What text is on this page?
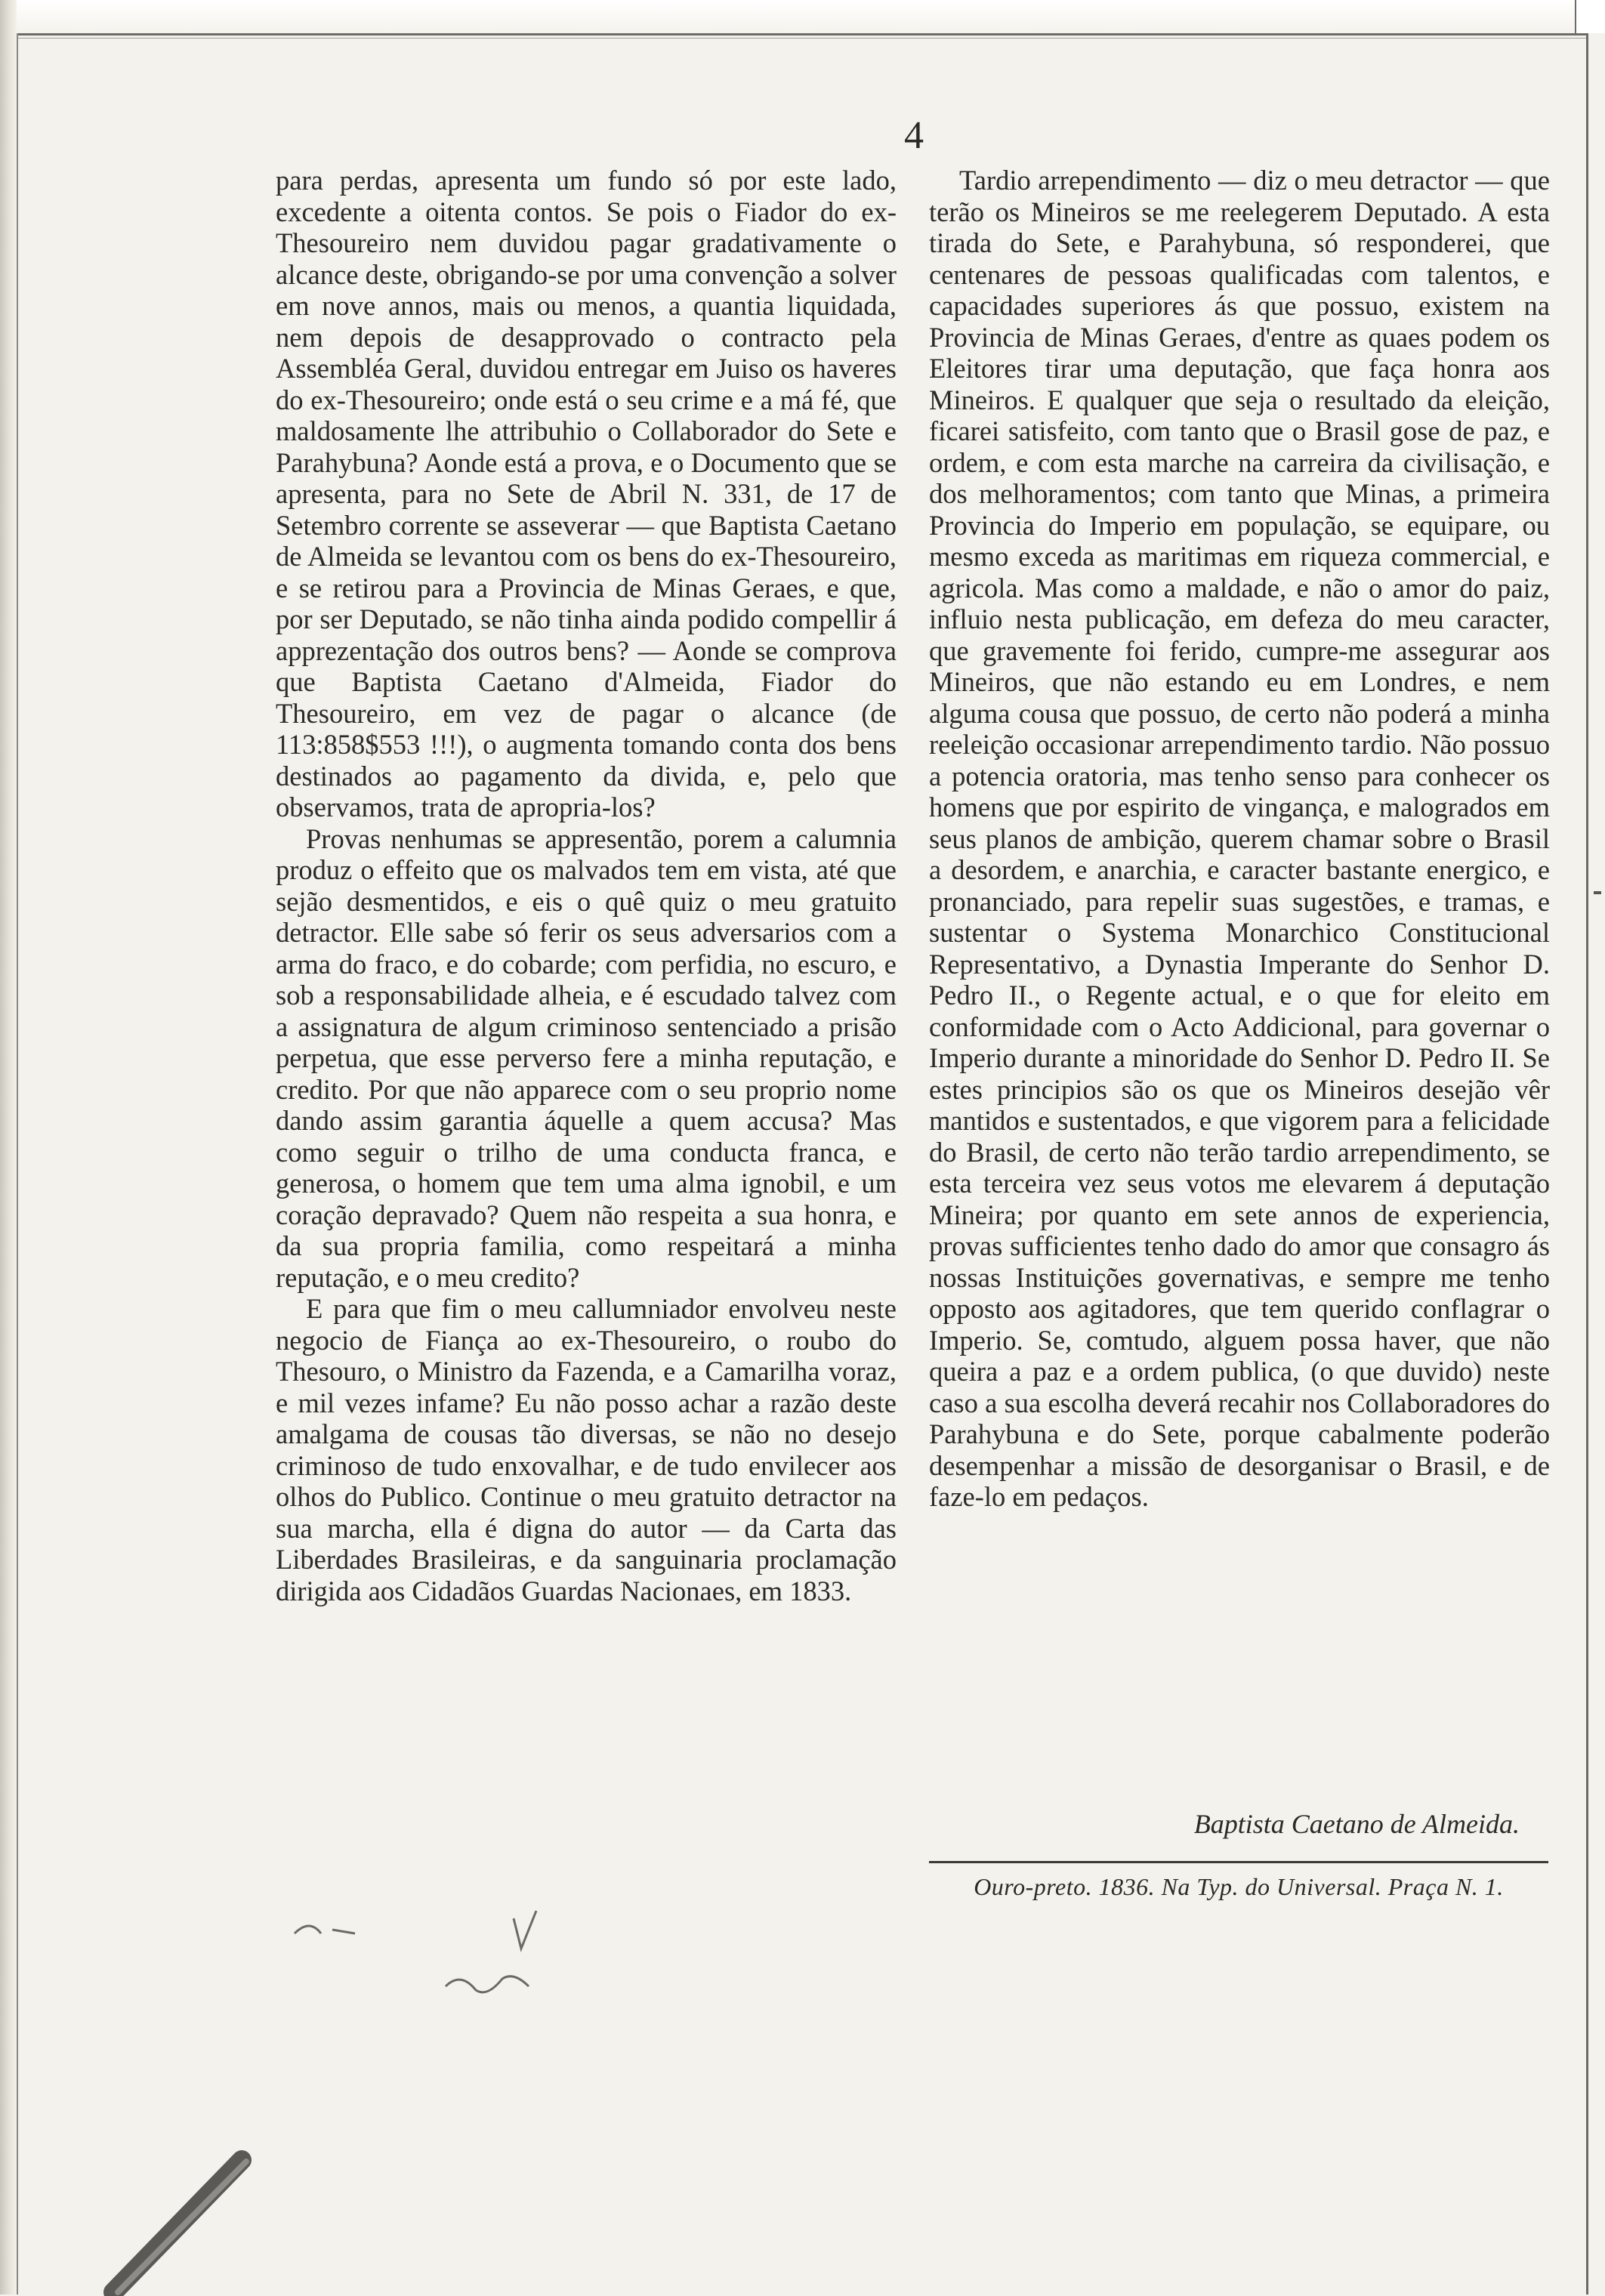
4

para perdas, apresenta um fundo só por este lado, excedente a oitenta contos. Se pois o Fiador do ex-Thesoureiro nem duvidou pagar gradativamente o alcance deste, obrigando-se por uma convenção a solver em nove annos, mais ou menos, a quantia liquidada, nem depois de desapprovado o contracto pela Assembléa Geral, duvidou entregar em Juiso os haveres do ex-Thesoureiro; onde está o seu crime e a má fé, que maldosamente lhe attribuhio o Collaborador do Sete e Parahybuna? Aonde está a prova, e o Documento que se apresenta, para no Sete de Abril N. 331, de 17 de Setembro corrente se asseverar — que Baptista Caetano de Almeida se levantou com os bens do ex-Thesoureiro, e se retirou para a Provincia de Minas Geraes, e que, por ser Deputado, se não tinha ainda podido compellir á apprezentação dos outros bens? — Aonde se comprova que Baptista Caetano d'Almeida, Fiador do Thesoureiro, em vez de pagar o alcance (de 113:858$553 !!!), o augmenta tomando conta dos bens destinados ao pagamento da divida, e, pelo que observamos, trata de apropria-los?

Provas nenhumas se appresentão, porem a calumnia produz o effeito que os malvados tem em vista, até que sejão desmentidos, e eis o quê quiz o meu gratuito detractor. Elle sabe só ferir os seus adversarios com a arma do fraco, e do cobarde; com perfidia, no escuro, e sob a responsabilidade alheia, e é escudado talvez com a assignatura de algum criminoso sentenciado a prisão perpetua, que esse perverso fere a minha reputação, e credito. Por que não apparece com o seu proprio nome dando assim garantia áquelle a quem accusa? Mas como seguir o trilho de uma conducta franca, e generosa, o homem que tem uma alma ignobil, e um coração depravado? Quem não respeita a sua honra, e da sua propria familia, como respeitará a minha reputação, e o meu credito?

E para que fim o meu callumniador envolveu neste negocio de Fiança ao ex-Thesoureiro, o roubo do Thesouro, o Ministro da Fazenda, e a Camarilha voraz, e mil vezes infame? Eu não posso achar a razão deste amalgama de cousas tão diversas, se não no desejo criminoso de tudo enxovalhar, e de tudo envilecer aos olhos do Publico. Continue o meu gratuito detractor na sua marcha, ella é digna do autor — da Carta das Liberdades Brasileiras, e da sanguinaria proclamação dirigida aos Cidadãos Guardas Nacionaes, em 1833.

Tardio arrependimento — diz o meu detractor — que terão os Mineiros se me reelegerem Deputado. A esta tirada do Sete, e Parahybuna, só responderei, que centenares de pessoas qualificadas com talentos, e capacidades superiores ás que possuo, existem na Provincia de Minas Geraes, d'entre as quaes podem os Eleitores tirar uma deputação, que faça honra aos Mineiros. E qualquer que seja o resultado da eleição, ficarei satisfeito, com tanto que o Brasil gose de paz, e ordem, e com esta marche na carreira da civilisação, e dos melhoramentos; com tanto que Minas, a primeira Provincia do Imperio em população, se equipare, ou mesmo exceda as maritimas em riqueza commercial, e agricola. Mas como a maldade, e não o amor do paiz, influio nesta publicação, em defeza do meu caracter, que gravemente foi ferido, cumpre-me assegurar aos Mineiros, que não estando eu em Londres, e nem alguma cousa que possuo, de certo não poderá a minha reeleição occasionar arrependimento tardio. Não possuo a potencia oratoria, mas tenho senso para conhecer os homens que por espirito de vingança, e malogrados em seus planos de ambição, querem chamar sobre o Brasil a desordem, e anarchia, e caracter bastante energico, e pronanciado, para repelir suas sugestões, e tramas, e sustentar o Systema Monarchico Constitucional Representativo, a Dynastia Imperante do Senhor D. Pedro II., o Regente actual, e o que for eleito em conformidade com o Acto Addicional, para governar o Imperio durante a minoridade do Senhor D. Pedro II. Se estes principios são os que os Mineiros desejão vêr mantidos e sustentados, e que vigorem para a felicidade do Brasil, de certo não terão tardio arrependimento, se esta terceira vez seus votos me elevarem á deputação Mineira; por quanto em sete annos de experiencia, provas sufficientes tenho dado do amor que consagro ás nossas Instituições governativas, e sempre me tenho opposto aos agitadores, que tem querido conflagrar o Imperio. Se, comtudo, alguem possa haver, que não queira a paz e a ordem publica, (o que duvido) neste caso a sua escolha deverá recahir nos Collaboradores do Parahybuna e do Sete, porque cabalmente poderão desempenhar a missão de desorganisar o Brasil, e de faze-lo em pedaços.

Baptista Caetano de Almeida.
Ouro-preto. 1836. Na Typ. do Universal. Praça N. 1.
